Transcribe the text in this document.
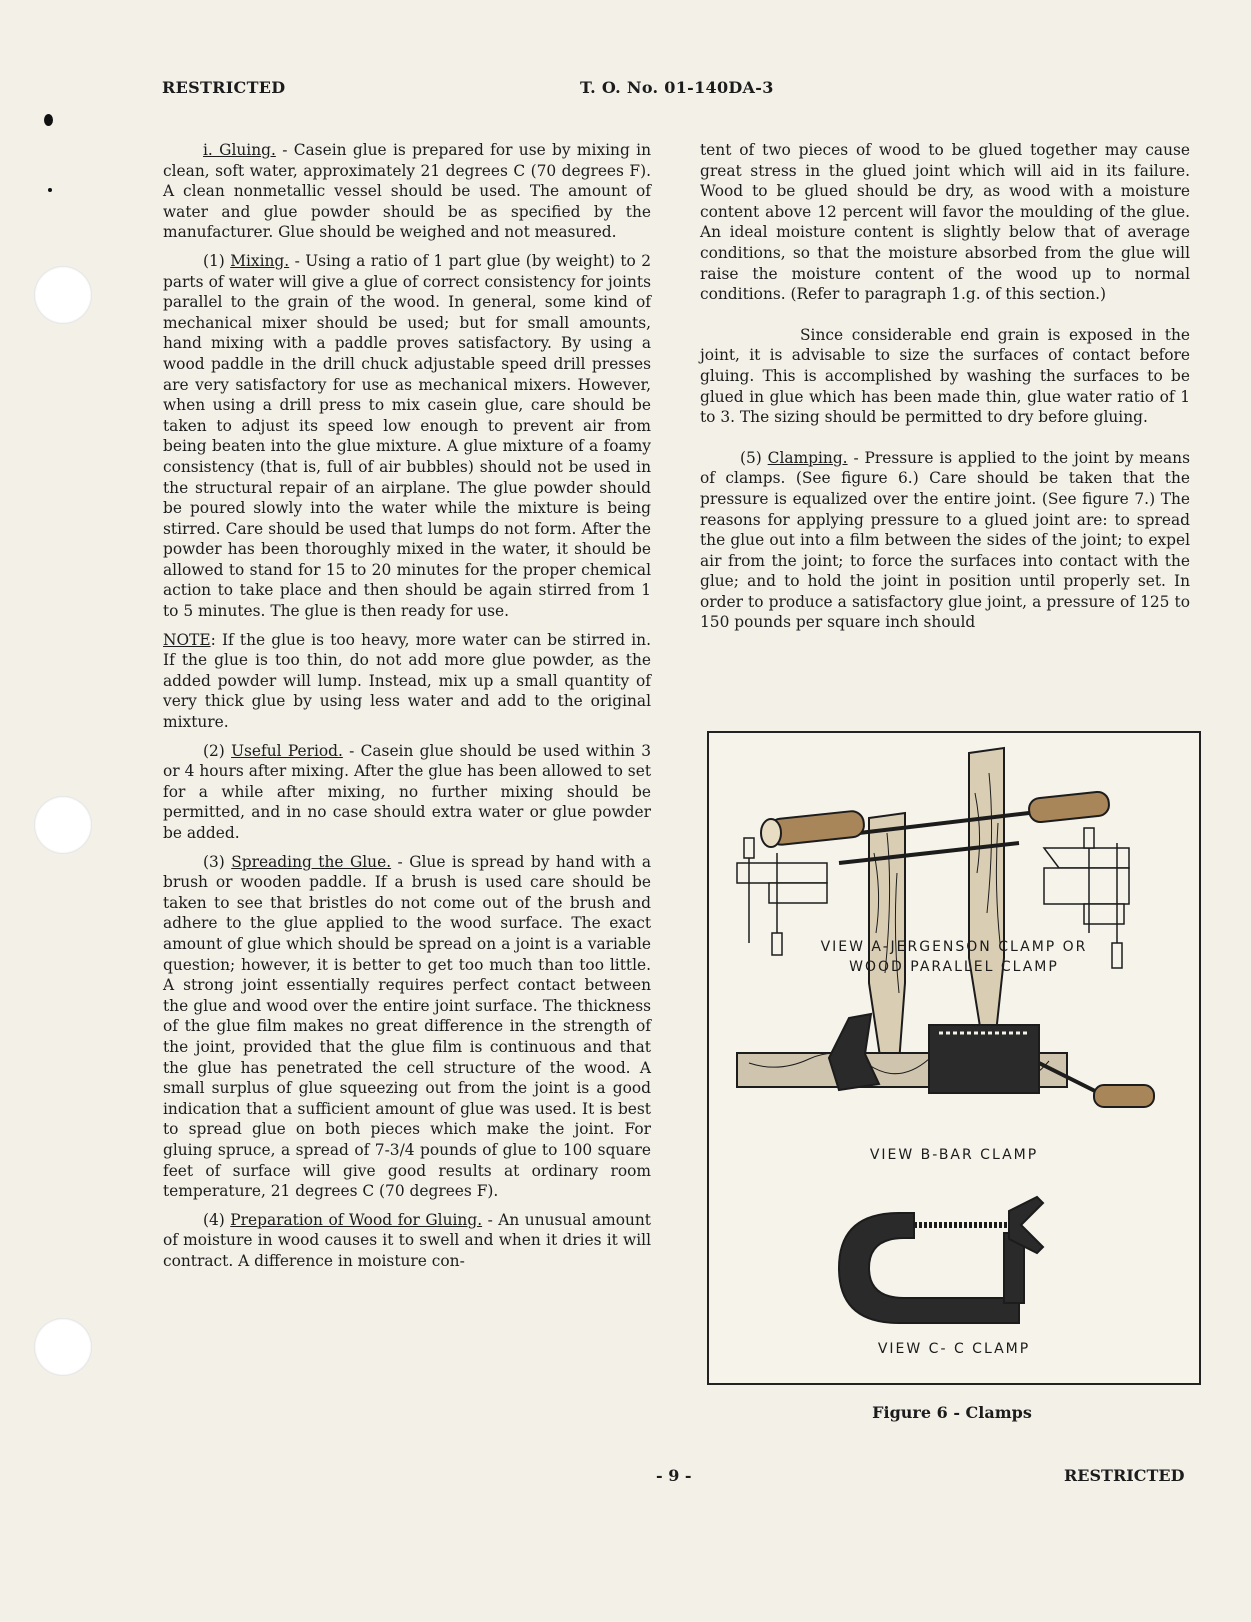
RESTRICTED	T. O. No. 01-140DA-3

i. Gluing. - Casein glue is prepared for use by mixing in clean, soft water, approximately 21 degrees C (70 degrees F). A clean nonmetallic vessel should be used. The amount of water and glue powder should be as specified by the manufacturer. Glue should be weighed and not measured.

(1) Mixing. - Using a ratio of 1 part glue (by weight) to 2 parts of water will give a glue of correct consistency for joints parallel to the grain of the wood. In general, some kind of mechanical mixer should be used; but for small amounts, hand mixing with a paddle proves satisfactory. By using a wood paddle in the drill chuck adjustable speed drill presses are very satisfactory for use as mechanical mixers. However, when using a drill press to mix casein glue, care should be taken to adjust its speed low enough to prevent air from being beaten into the glue mixture. A glue mixture of a foamy consistency (that is, full of air bubbles) should not be used in the structural repair of an airplane. The glue powder should be poured slowly into the water while the mixture is being stirred. Care should be used that lumps do not form. After the powder has been thoroughly mixed in the water, it should be allowed to stand for 15 to 20 minutes for the proper chemical action to take place and then should be again stirred from 1 to 5 minutes. The glue is then ready for use.

NOTE: If the glue is too heavy, more water can be stirred in. If the glue is too thin, do not add more glue powder, as the added powder will lump. Instead, mix up a small quantity of very thick glue by using less water and add to the original mixture.

(2) Useful Period. - Casein glue should be used within 3 or 4 hours after mixing. After the glue has been allowed to set for a while after mixing, no further mixing should be permitted, and in no case should extra water or glue powder be added.

(3) Spreading the Glue. - Glue is spread by hand with a brush or wooden paddle. If a brush is used care should be taken to see that bristles do not come out of the brush and adhere to the glue applied to the wood surface. The exact amount of glue which should be spread on a joint is a variable question; however, it is better to get too much than too little. A strong joint essentially requires perfect contact between the glue and wood over the entire joint surface. The thickness of the glue film makes no great difference in the strength of the joint, provided that the glue film is continuous and that the glue has penetrated the cell structure of the wood. A small surplus of glue squeezing out from the joint is a good indication that a sufficient amount of glue was used. It is best to spread glue on both pieces which make the joint. For gluing spruce, a spread of 7-3/4 pounds of glue to 100 square feet of surface will give good results at ordinary room temperature, 21 degrees C (70 degrees F).

(4) Preparation of Wood for Gluing. - An unusual amount of moisture in wood causes it to swell and when it dries it will contract. A difference in moisture con-

tent of two pieces of wood to be glued together may cause great stress in the glued joint which will aid in its failure. Wood to be glued should be dry, as wood with a moisture content above 12 percent will favor the moulding of the glue. An ideal moisture content is slightly below that of average conditions, so that the moisture absorbed from the glue will raise the moisture content of the wood up to normal conditions. (Refer to paragraph 1.g. of this section.)

Since considerable end grain is exposed in the joint, it is advisable to size the surfaces of contact before gluing. This is accomplished by washing the surfaces to be glued in glue which has been made thin, glue water ratio of 1 to 3. The sizing should be permitted to dry before gluing.

(5) Clamping. - Pressure is applied to the joint by means of clamps. (See figure 6.) Care should be taken that the pressure is equalized over the entire joint. (See figure 7.) The reasons for applying pressure to a glued joint are: to spread the glue out into a film between the sides of the joint; to expel air from the joint; to force the surfaces into contact with the glue; and to hold the joint in position until properly set. In order to produce a satisfactory glue joint, a pressure of 125 to 150 pounds per square inch should

VIEW A-JERGENSON CLAMP OR
WOOD PARALLEL CLAMP
VIEW B-BAR CLAMP
VIEW C- C CLAMP
Figure 6 - Clamps
- 9 -	RESTRICTED
